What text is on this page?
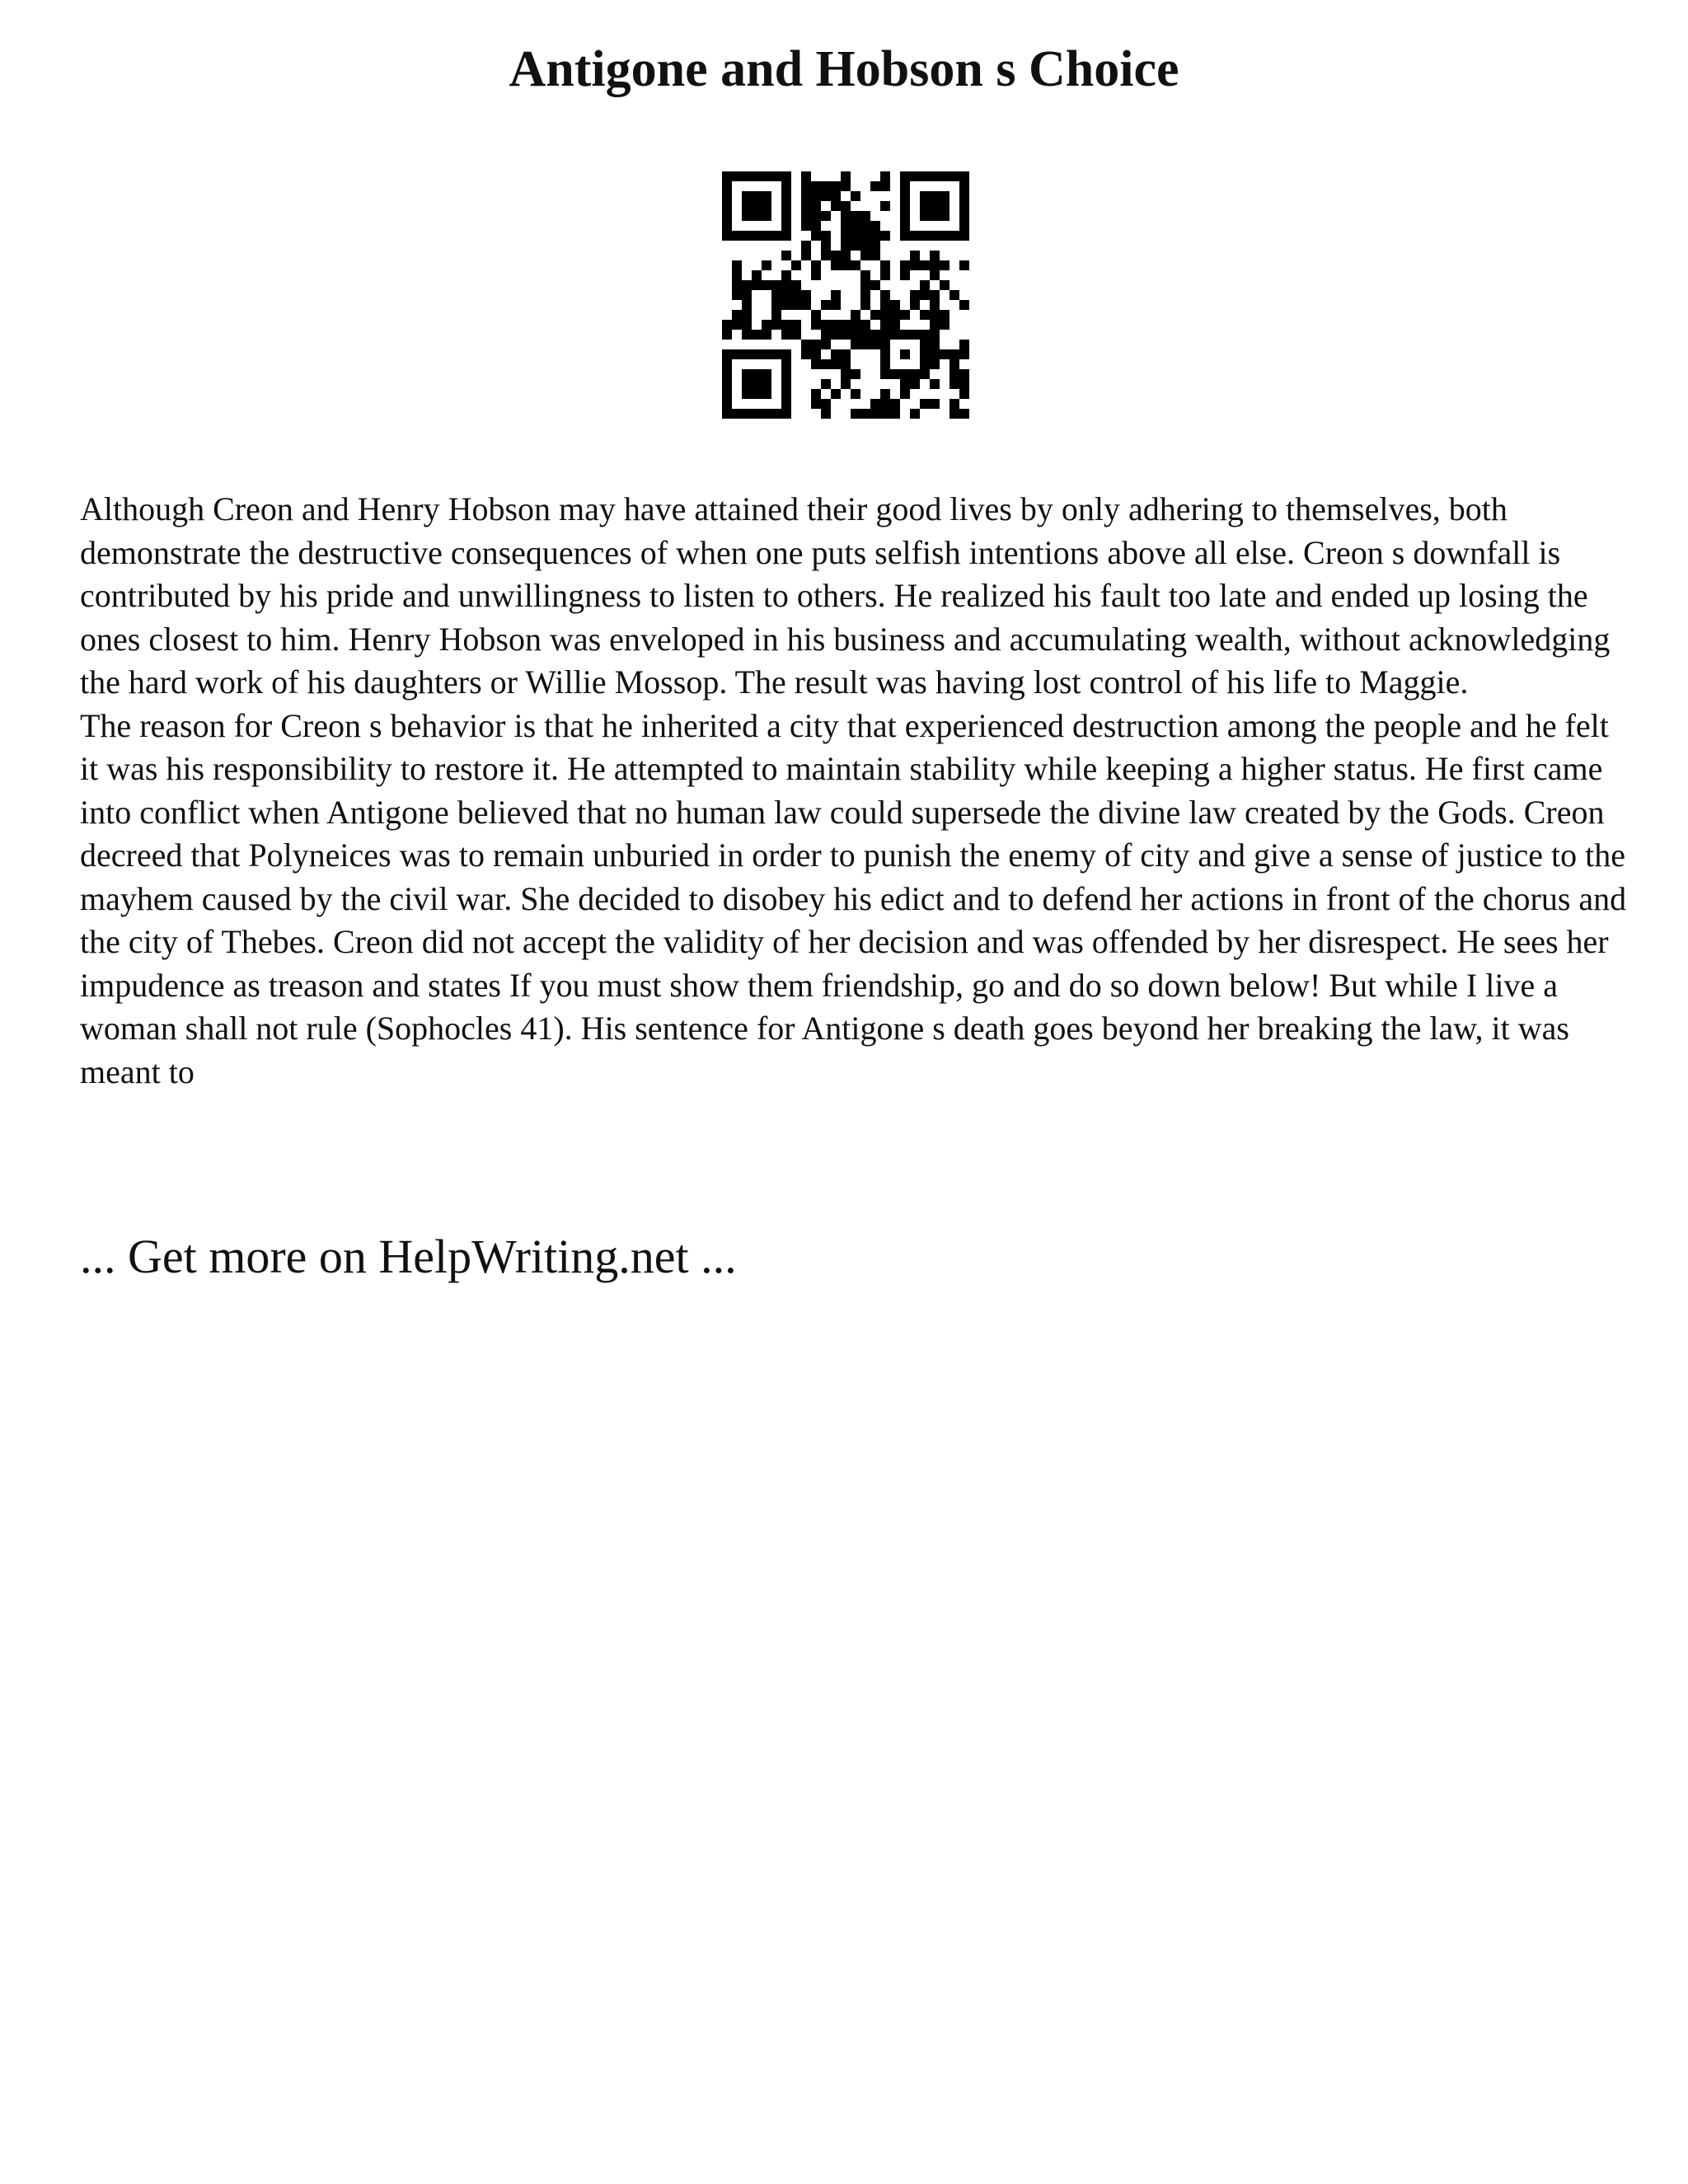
Antigone and Hobson s Choice

Although Creon and Henry Hobson may have attained their good lives by only adhering to themselves, both demonstrate the destructive consequences of when one puts selfish intentions above all else. Creon s downfall is contributed by his pride and unwillingness to listen to others. He realized his fault too late and ended up losing the ones closest to him. Henry Hobson was enveloped in his business and accumulating wealth, without acknowledging the hard work of his daughters or Willie Mossop. The result was having lost control of his life to Maggie.

The reason for Creon s behavior is that he inherited a city that experienced destruction among the people and he felt it was his responsibility to restore it. He attempted to maintain stability while keeping a higher status. He first came into conflict when Antigone believed that no human law could supersede the divine law created by the Gods. Creon decreed that Polyneices was to remain unburied in order to punish the enemy of city and give a sense of justice to the mayhem caused by the civil war. She decided to disobey his edict and to defend her actions in front of the chorus and the city of Thebes. Creon did not accept the validity of her decision and was offended by her disrespect. He sees her impudence as treason and states If you must show them friendship, go and do so down below! But while I live a woman shall not rule (Sophocles 41). His sentence for Antigone s death goes beyond her breaking the law, it was meant to

... Get more on HelpWriting.net ...
